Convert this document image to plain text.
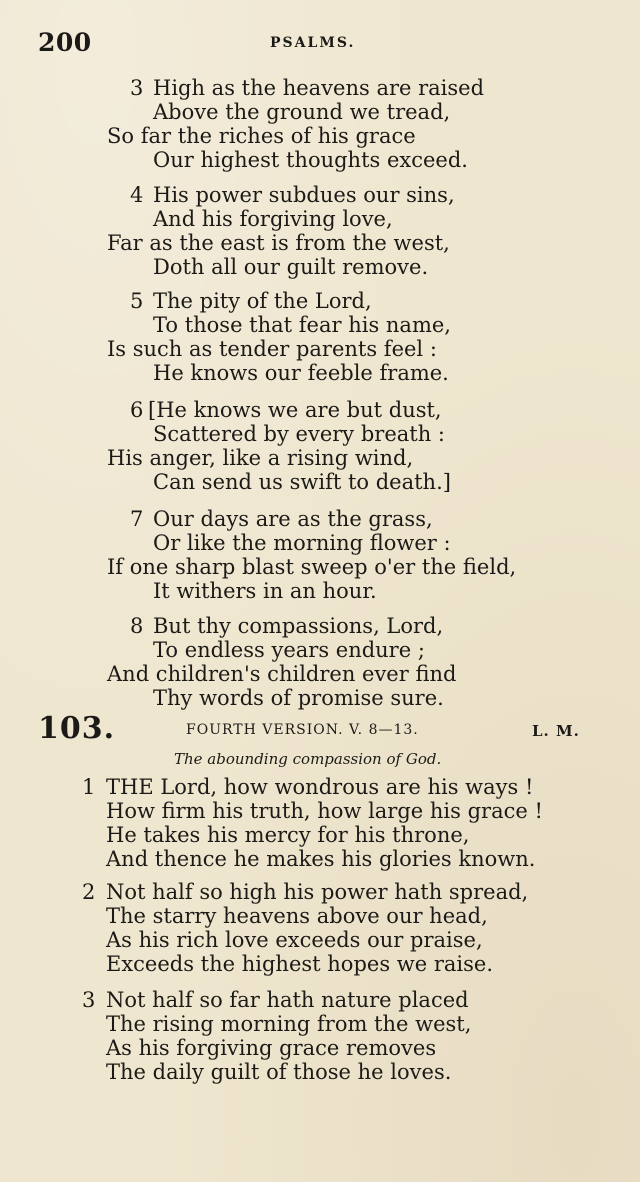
200	PSALMS.
3 High as the heavens are raised
Above the ground we tread,
So far the riches of his grace
Our highest thoughts exceed.
4 His power subdues our sins,
And his forgiving love,
Far as the east is from the west,
Doth all our guilt remove.
5 The pity of the Lord,
To those that fear his name,
Is such as tender parents feel :
He knows our feeble frame.
6 [He knows we are but dust,
Scattered by every breath :
His anger, like a rising wind,
Can send us swift to death.]
7 Our days are as the grass,
Or like the morning flower :
If one sharp blast sweep o'er the field,
It withers in an hour.
8 But thy compassions, Lord,
To endless years endure ;
And children's children ever find
Thy words of promise sure.
103.	FOURTH VERSION. V. 8—13.	L. M.
The abounding compassion of God.
1 THE Lord, how wondrous are his ways !
How firm his truth, how large his grace !
He takes his mercy for his throne,
And thence he makes his glories known.
2 Not half so high his power hath spread,
The starry heavens above our head,
As his rich love exceeds our praise,
Exceeds the highest hopes we raise.
3 Not half so far hath nature placed
The rising morning from the west,
As his forgiving grace removes
The daily guilt of those he loves.
